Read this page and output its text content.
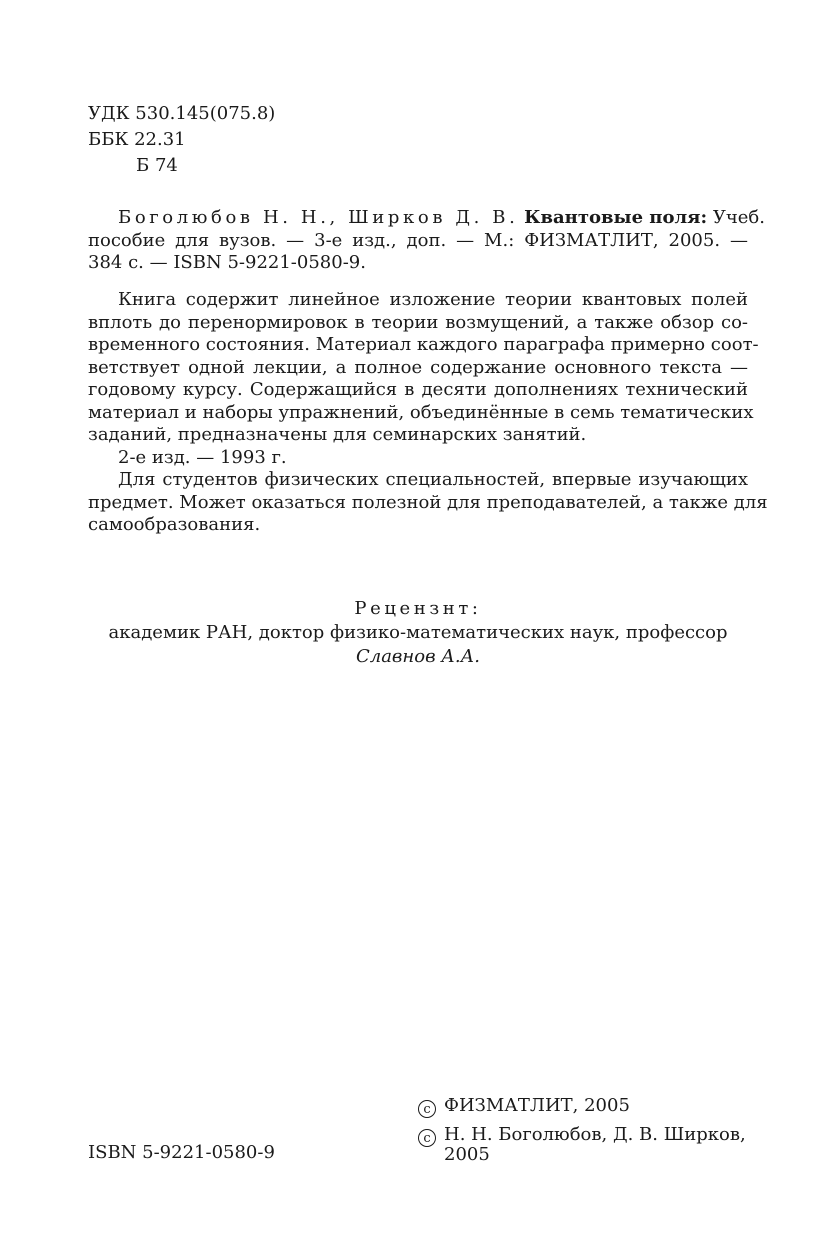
УДК 530.145(075.8)
ББК 22.31
Б 74
Боголюбов Н. Н., Ширков Д. В. Квантовые поля: Учеб.
пособие для вузов. — 3-е изд., доп. — М.: ФИЗМАТЛИТ, 2005. —
384 с. — ISBN 5-9221-0580-9.
Книга содержит линейное изложение теории квантовых полей
вплоть до перенормировок в теории возмущений, а также обзор со-
временного состояния. Материал каждого параграфа примерно соот-
ветствует одной лекции, а полное содержание основного текста —
годовому курсу. Содержащийся в десяти дополнениях технический
материал и наборы упражнений, объединённые в семь тематических
заданий, предназначены для семинарских занятий.
2-е изд. — 1993 г.
Для студентов физических специальностей, впервые изучающих
предмет. Может оказаться полезной для преподавателей, а также для
самообразования.
Рецензнт:
академик РАН, доктор физико-математических наук, профессор
Славнов А.А.
c ФИЗМАТЛИТ, 2005
c Н. Н. Боголюбов, Д. В. Ширков,
2005
ISBN 5-9221-0580-9
